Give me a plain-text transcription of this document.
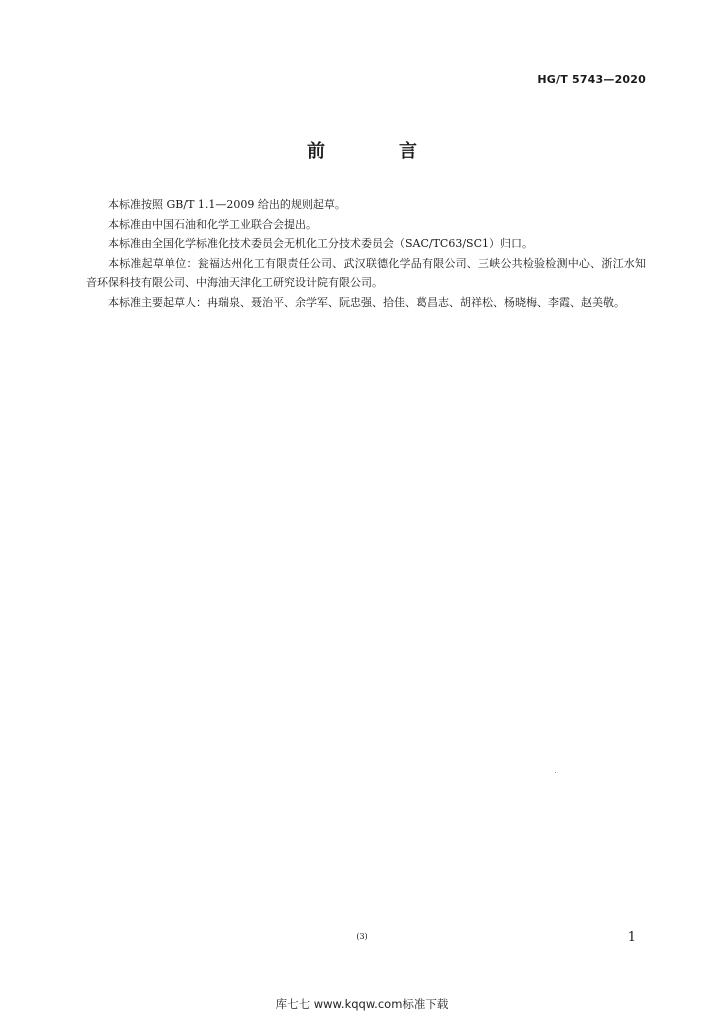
HG/T 5743—2020
前　言

本标准按照 GB/T 1.1—2009 给出的规则起草。

本标准由中国石油和化学工业联合会提出。

本标准由全国化学标准化技术委员会无机化工分技术委员会（SAC/TC63/SC1）归口。

本标准起草单位：瓮福达州化工有限责任公司、武汉联德化学品有限公司、三峡公共检验检测中心、浙江水知音环保科技有限公司、中海油天津化工研究设计院有限公司。

本标准主要起草人：冉瑞泉、聂治平、余学军、阮忠强、拾佳、葛昌志、胡祥松、杨晓梅、李霞、赵美敬。

(3)	1
库七七 www.kqqw.com标准下载
